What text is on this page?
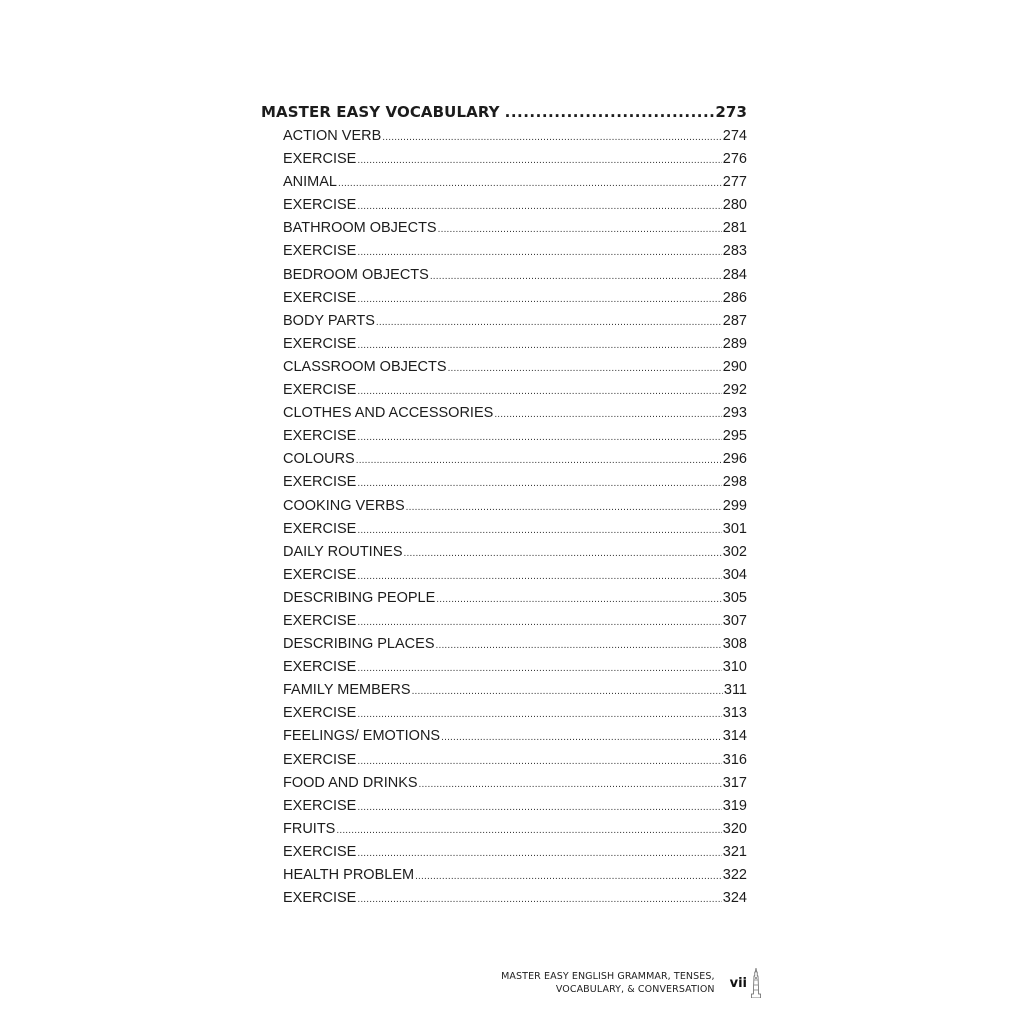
MASTER EASY VOCABULARY .....	273
ACTION VERB .....	274
EXERCISE .....	276
ANIMAL .....	277
EXERCISE .....	280
BATHROOM OBJECTS .....	281
EXERCISE .....	283
BEDROOM OBJECTS .....	284
EXERCISE .....	286
BODY PARTS .....	287
EXERCISE .....	289
CLASSROOM OBJECTS .....	290
EXERCISE .....	292
CLOTHES AND ACCESSORIES .....	293
EXERCISE .....	295
COLOURS .....	296
EXERCISE .....	298
COOKING VERBS .....	299
EXERCISE .....	301
DAILY ROUTINES .....	302
EXERCISE .....	304
DESCRIBING PEOPLE .....	305
EXERCISE .....	307
DESCRIBING PLACES .....	308
EXERCISE .....	310
FAMILY MEMBERS .....	311
EXERCISE .....	313
FEELINGS/ EMOTIONS .....	314
EXERCISE .....	316
FOOD AND DRINKS .....	317
EXERCISE .....	319
FRUITS .....	320
EXERCISE .....	321
HEALTH PROBLEM .....	322
EXERCISE .....	324
MASTER EASY ENGLISH GRAMMAR, TENSES,
VOCABULARY, & CONVERSATION vii
